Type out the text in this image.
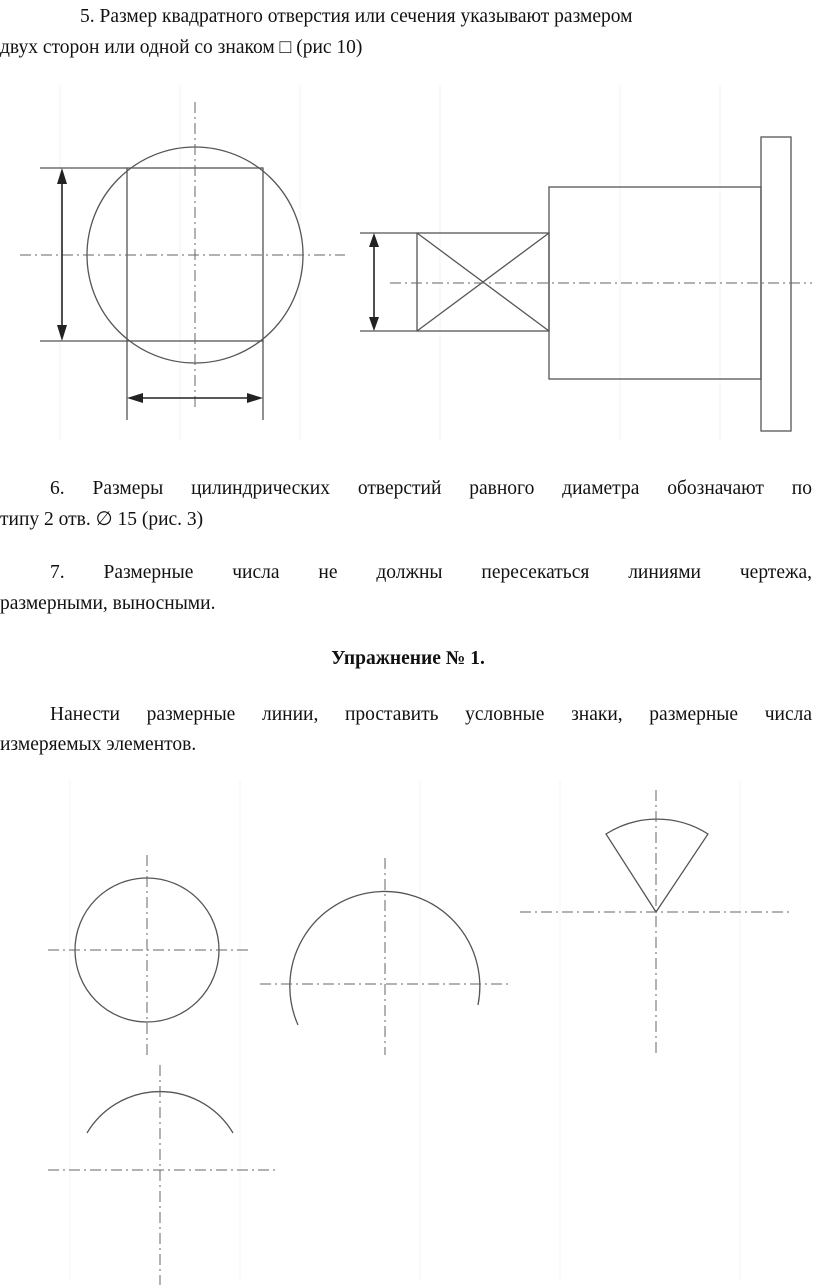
5. Размер квадратного отверстия или сечения указывают размером
двух сторон или одной со знаком □ (рис 10)
6. Размеры цилиндрических отверстий равного диаметра обозначают по
типу 2 отв. ∅ 15 (рис. 3)
7. Размерные числа не должны пересекаться линиями чертежа,
размерными, выносными.
Упражнение № 1.
Нанести размерные линии, проставить условные знаки, размерные числа
измеряемых элементов.
